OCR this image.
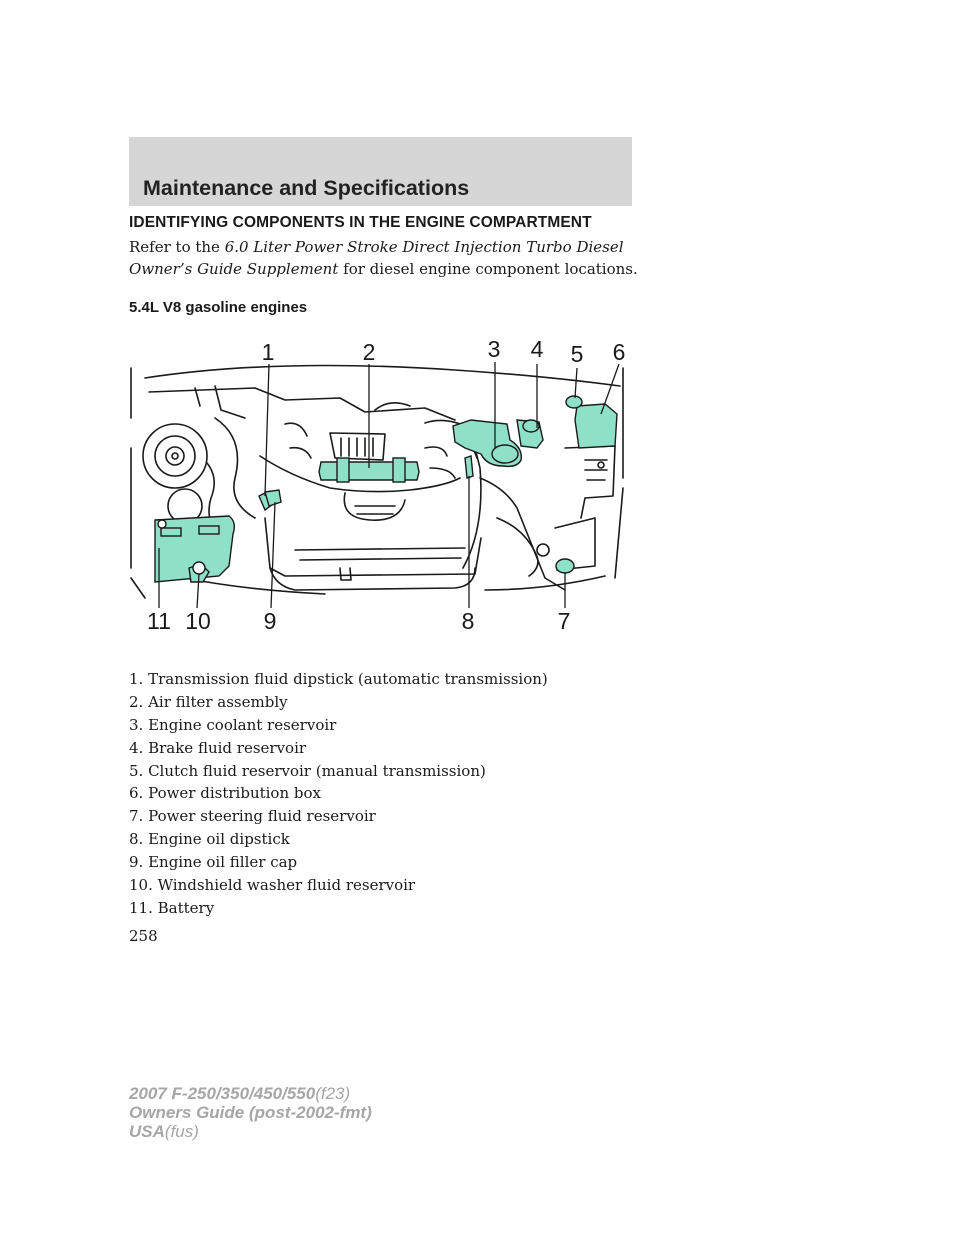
Maintenance and Specifications
IDENTIFYING COMPONENTS IN THE ENGINE COMPARTMENT

Refer to the 6.0 Liter Power Stroke Direct Injection Turbo Diesel Owner’s Guide Supplement for diesel engine component locations.

5.4L V8 gasoline engines
1	2	3 4 5 6
7
8
9
10
11
1. Transmission fluid dipstick (automatic transmission)
2. Air filter assembly
3. Engine coolant reservoir
4. Brake fluid reservoir
5. Clutch fluid reservoir (manual transmission)
6. Power distribution box
7. Power steering fluid reservoir
8. Engine oil dipstick
9. Engine oil filler cap
10. Windshield washer fluid reservoir
11. Battery

258

2007 F-250/350/450/550(f23)
Owners Guide (post-2002-fmt)
USA(fus)
